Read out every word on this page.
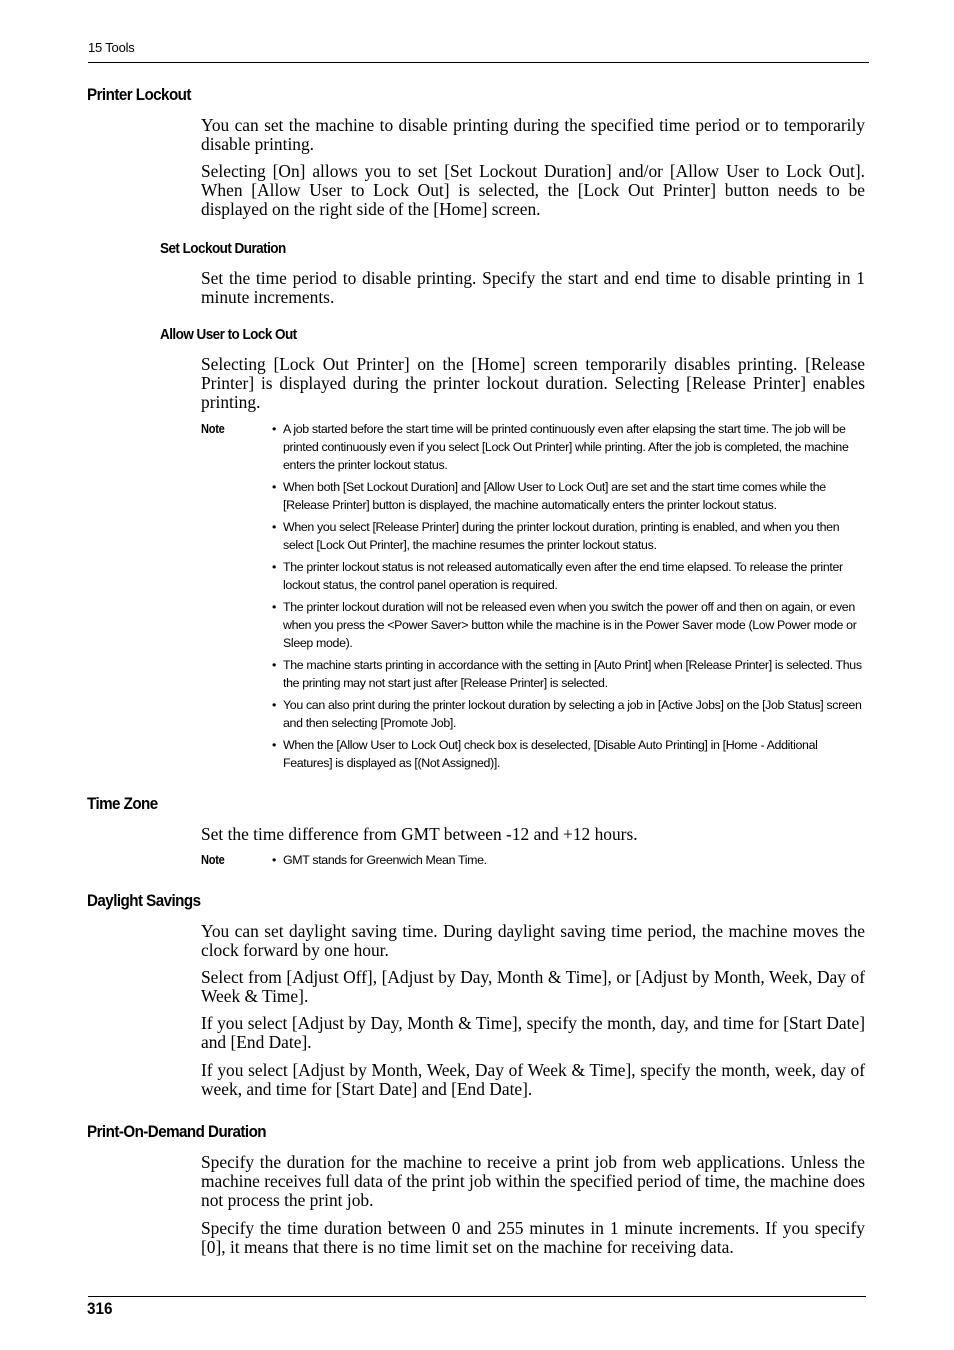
15 Tools
Printer Lockout
You can set the machine to disable printing during the specified time period or to temporarily disable printing.
Selecting [On] allows you to set [Set Lockout Duration] and/or [Allow User to Lock Out]. When [Allow User to Lock Out] is selected, the [Lock Out Printer] button needs to be displayed on the right side of the [Home] screen.
Set Lockout Duration
Set the time period to disable printing. Specify the start and end time to disable printing in 1 minute increments.
Allow User to Lock Out
Selecting [Lock Out Printer] on the [Home] screen temporarily disables printing. [Release Printer] is displayed during the printer lockout duration. Selecting [Release Printer] enables printing.
Note	• A job started before the start time will be printed continuously even after elapsing the start time. The job will be printed continuously even if you select [Lock Out Printer] while printing. After the job is completed, the machine enters the printer lockout status.
• When both [Set Lockout Duration] and [Allow User to Lock Out] are set and the start time comes while the [Release Printer] button is displayed, the machine automatically enters the printer lockout status.
• When you select [Release Printer] during the printer lockout duration, printing is enabled, and when you then select [Lock Out Printer], the machine resumes the printer lockout status.
• The printer lockout status is not released automatically even after the end time elapsed. To release the printer lockout status, the control panel operation is required.
• The printer lockout duration will not be released even when you switch the power off and then on again, or even when you press the <Power Saver> button while the machine is in the Power Saver mode (Low Power mode or Sleep mode).
• The machine starts printing in accordance with the setting in [Auto Print] when [Release Printer] is selected. Thus the printing may not start just after [Release Printer] is selected.
• You can also print during the printer lockout duration by selecting a job in [Active Jobs] on the [Job Status] screen and then selecting [Promote Job].
• When the [Allow User to Lock Out] check box is deselected, [Disable Auto Printing] in [Home - Additional Features] is displayed as [(Not Assigned)].
Time Zone
Set the time difference from GMT between -12 and +12 hours.
Note	• GMT stands for Greenwich Mean Time.
Daylight Savings
You can set daylight saving time. During daylight saving time period, the machine moves the clock forward by one hour.
Select from [Adjust Off], [Adjust by Day, Month & Time], or [Adjust by Month, Week, Day of Week & Time].
If you select [Adjust by Day, Month & Time], specify the month, day, and time for [Start Date] and [End Date].
If you select [Adjust by Month, Week, Day of Week & Time], specify the month, week, day of week, and time for [Start Date] and [End Date].
Print-On-Demand Duration
Specify the duration for the machine to receive a print job from web applications. Unless the machine receives full data of the print job within the specified period of time, the machine does not process the print job.
Specify the time duration between 0 and 255 minutes in 1 minute increments. If you specify [0], it means that there is no time limit set on the machine for receiving data.
316
